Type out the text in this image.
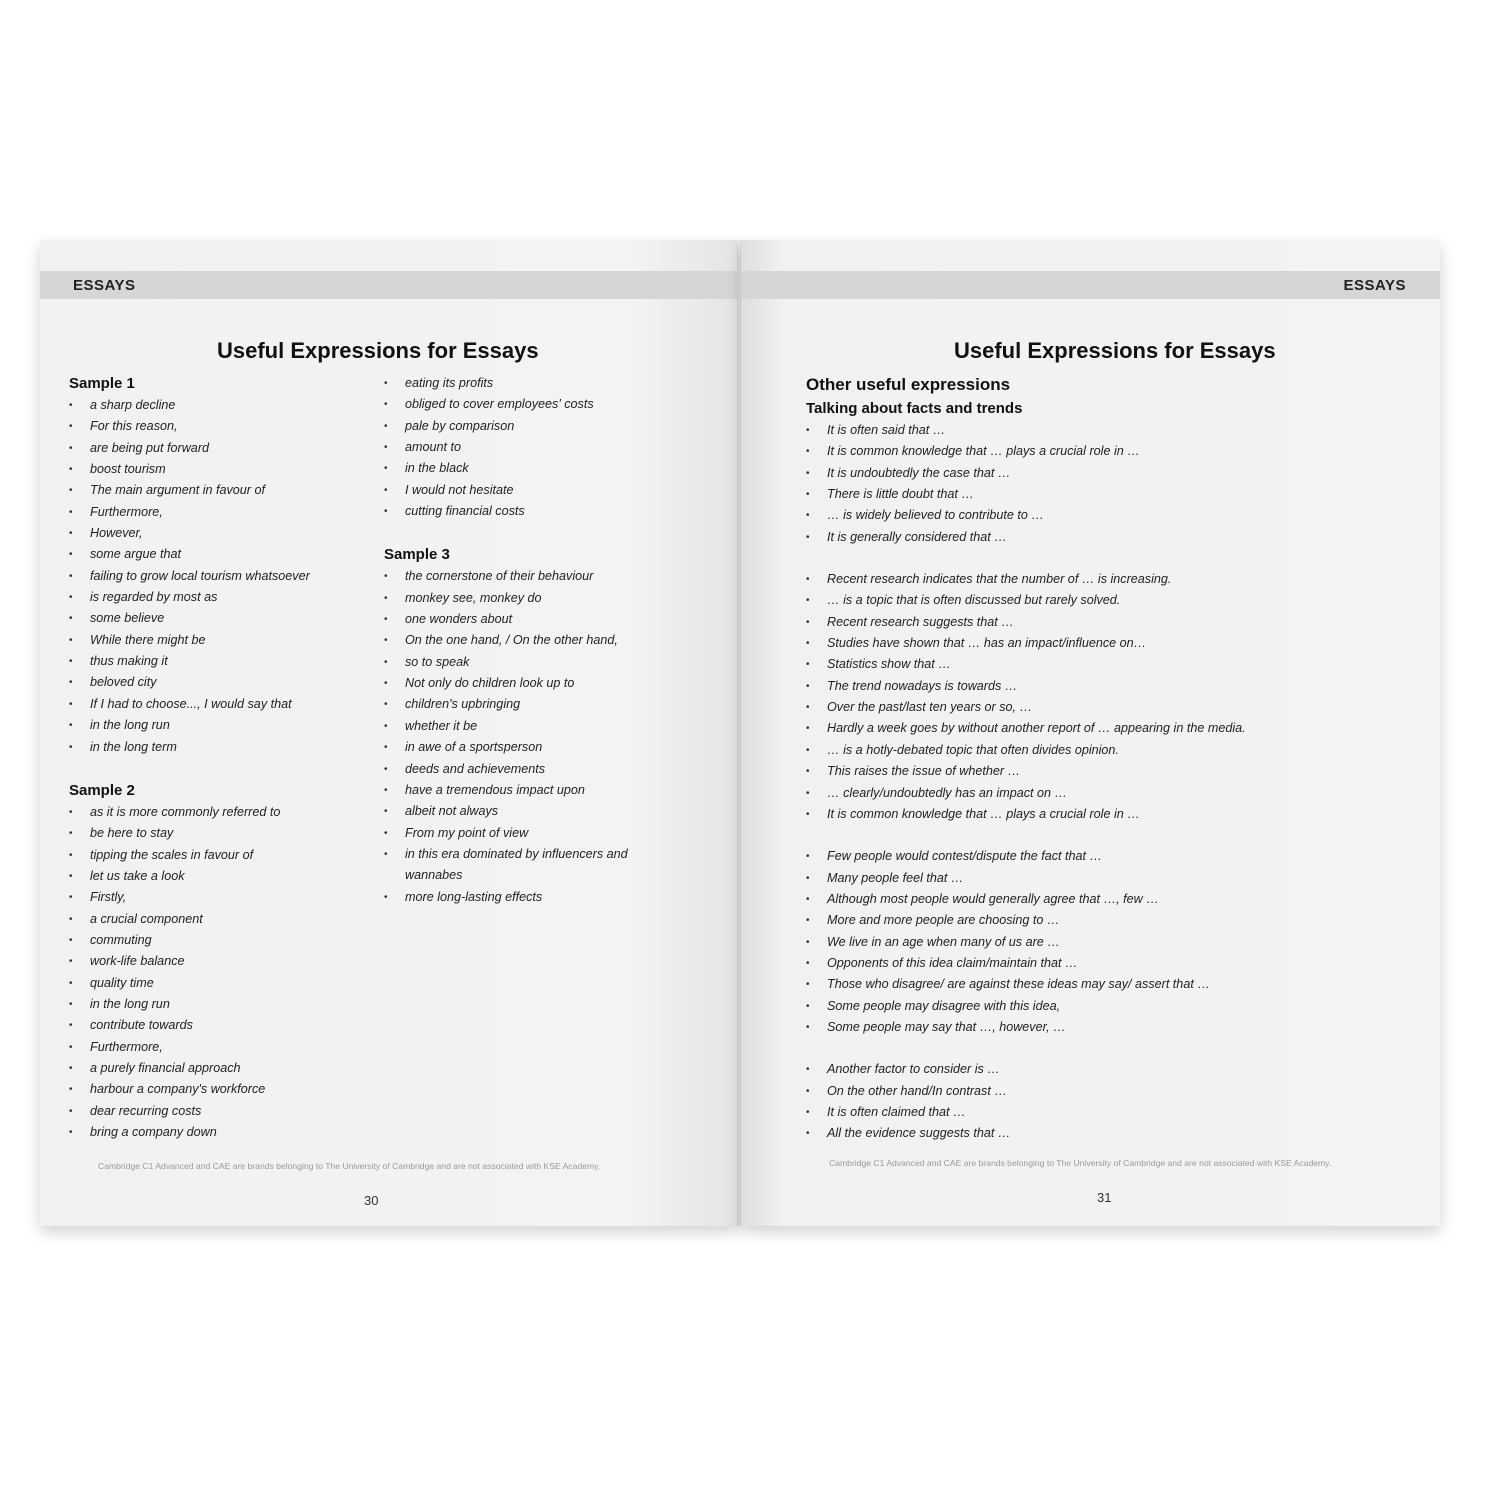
ESSAYS
Useful Expressions for Essays
Sample 1
• a sharp decline
• For this reason,
• are being put forward
• boost tourism
• The main argument in favour of
• Furthermore,
• However,
• some argue that
• failing to grow local tourism whatsoever
• is regarded by most as
• some believe
• While there might be
• thus making it
• beloved city
• If I had to choose..., I would say that
• in the long run
• in the long term
Sample 2
• as it is more commonly referred to
• be here to stay
• tipping the scales in favour of
• let us take a look
• Firstly,
• a crucial component
• commuting
• work-life balance
• quality time
• in the long run
• contribute towards
• Furthermore,
• a purely financial approach
• harbour a company's workforce
• dear recurring costs
• bring a company down
• eating its profits
• obliged to cover employees' costs
• pale by comparison
• amount to
• in the black
• I would not hesitate
• cutting financial costs
Sample 3
• the cornerstone of their behaviour
• monkey see, monkey do
• one wonders about
• On the one hand, / On the other hand,
• so to speak
• Not only do children look up to
• children's upbringing
• whether it be
• in awe of a sportsperson
• deeds and achievements
• have a tremendous impact upon
• albeit not always
• From my point of view
• in this era dominated by influencers and wannabes
• more long-lasting effects
Cambridge C1 Advanced and CAE are brands belonging to The University of Cambridge and are not associated with KSE Academy.
30
ESSAYS
Useful Expressions for Essays
Other useful expressions
Talking about facts and trends
• It is often said that …
• It is common knowledge that … plays a crucial role in …
• It is undoubtedly the case that …
• There is little doubt that …
• … is widely believed to contribute to …
• It is generally considered that …
• Recent research indicates that the number of … is increasing.
• … is a topic that is often discussed but rarely solved.
• Recent research suggests that …
• Studies have shown that … has an impact/influence on…
• Statistics show that …
• The trend nowadays is towards …
• Over the past/last ten years or so, …
• Hardly a week goes by without another report of … appearing in the media.
• … is a hotly-debated topic that often divides opinion.
• This raises the issue of whether …
• … clearly/undoubtedly has an impact on …
• It is common knowledge that … plays a crucial role in …
• Few people would contest/dispute the fact that …
• Many people feel that …
• Although most people would generally agree that …, few …
• More and more people are choosing to …
• We live in an age when many of us are …
• Opponents of this idea claim/maintain that …
• Those who disagree/ are against these ideas may say/ assert that …
• Some people may disagree with this idea,
• Some people may say that …, however, …
• Another factor to consider is …
• On the other hand/In contrast …
• It is often claimed that …
• All the evidence suggests that …
Cambridge C1 Advanced and CAE are brands belonging to The University of Cambridge and are not associated with KSE Academy.
31
